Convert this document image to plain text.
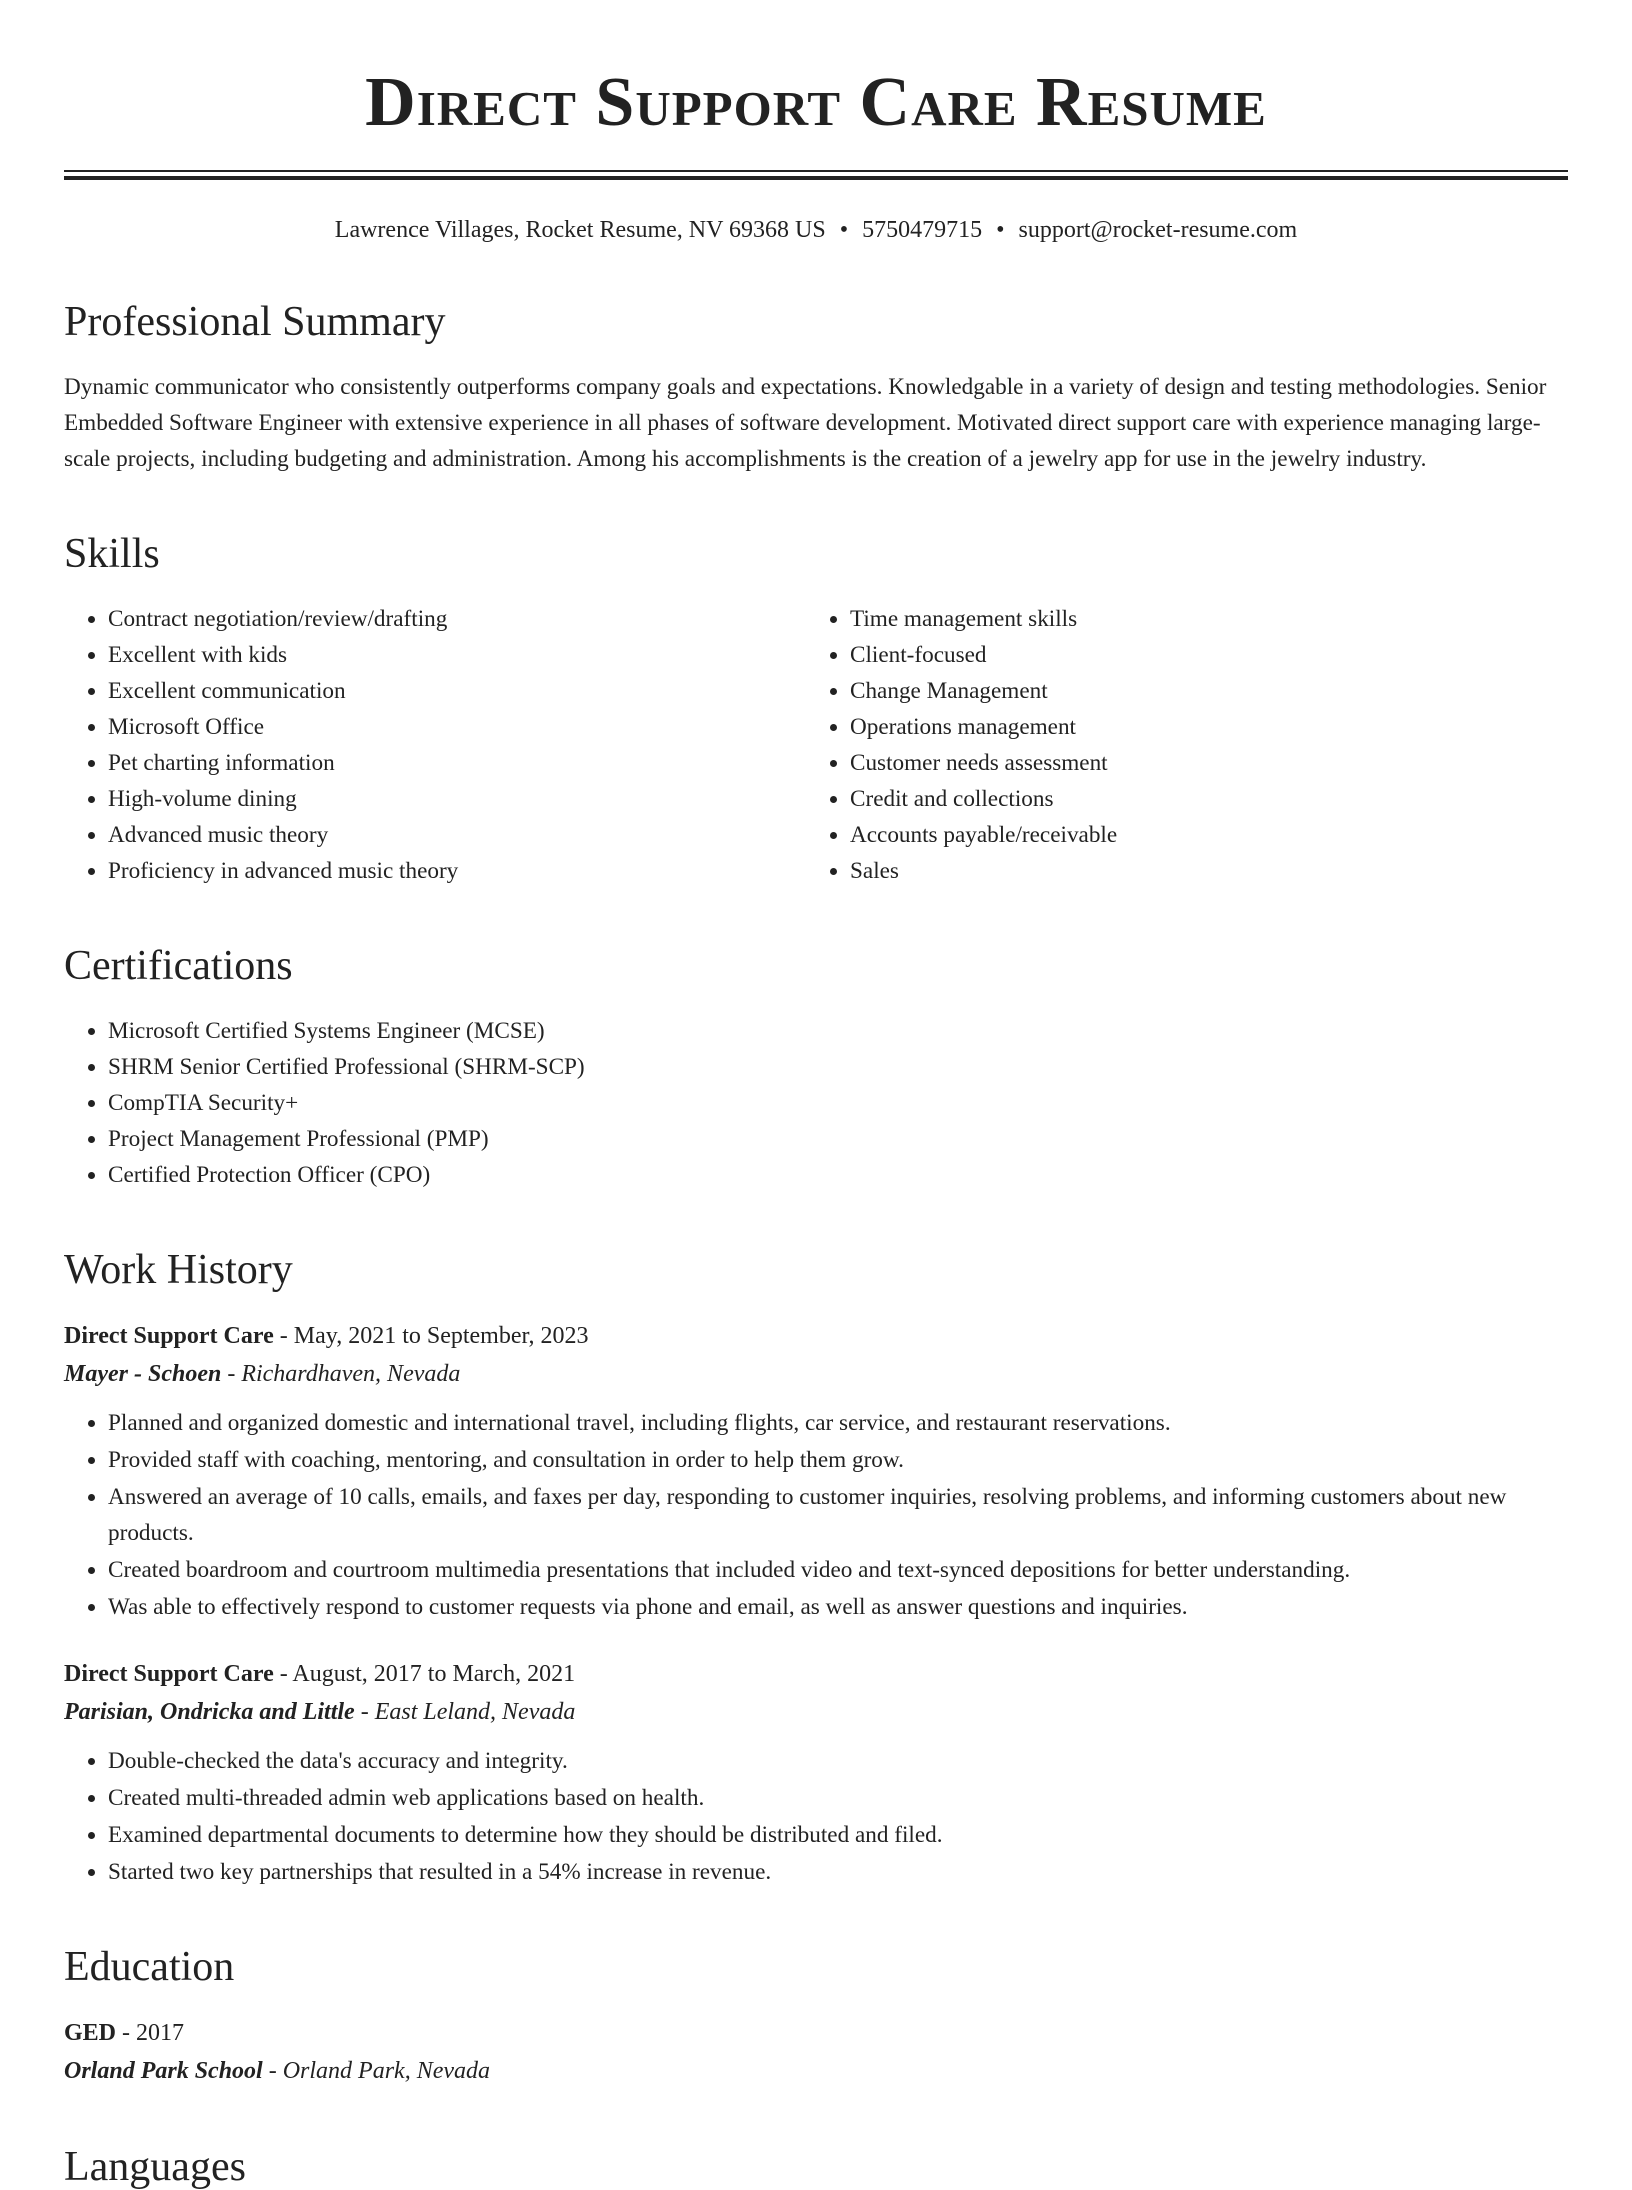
Direct Support Care Resume
Lawrence Villages, Rocket Resume, NV 69368 US • 5750479715 • support@rocket-resume.com
Professional Summary

Dynamic communicator who consistently outperforms company goals and expectations. Knowledgable in a variety of design and testing methodologies. Senior Embedded Software Engineer with extensive experience in all phases of software development. Motivated direct support care with experience managing large-scale projects, including budgeting and administration. Among his accomplishments is the creation of a jewelry app for use in the jewelry industry.

Skills
• Contract negotiation/review/drafting
• Excellent with kids
• Excellent communication
• Microsoft Office
• Pet charting information
• High-volume dining
• Advanced music theory
• Proficiency in advanced music theory
• Time management skills
• Client-focused
• Change Management
• Operations management
• Customer needs assessment
• Credit and collections
• Accounts payable/receivable
• Sales
Certifications
• Microsoft Certified Systems Engineer (MCSE)
• SHRM Senior Certified Professional (SHRM-SCP)
• CompTIA Security+
• Project Management Professional (PMP)
• Certified Protection Officer (CPO)
Work History
Direct Support Care - May, 2021 to September, 2023
Mayer - Schoen - Richardhaven, Nevada
• Planned and organized domestic and international travel, including flights, car service, and restaurant reservations.
• Provided staff with coaching, mentoring, and consultation in order to help them grow.
• Answered an average of 10 calls, emails, and faxes per day, responding to customer inquiries, resolving problems, and informing customers about new products.
• Created boardroom and courtroom multimedia presentations that included video and text-synced depositions for better understanding.
• Was able to effectively respond to customer requests via phone and email, as well as answer questions and inquiries.
Direct Support Care - August, 2017 to March, 2021
Parisian, Ondricka and Little - East Leland, Nevada
• Double-checked the data's accuracy and integrity.
• Created multi-threaded admin web applications based on health.
• Examined departmental documents to determine how they should be distributed and filed.
• Started two key partnerships that resulted in a 54% increase in revenue.
Education
GED - 2017
Orland Park School - Orland Park, Nevada
Languages
